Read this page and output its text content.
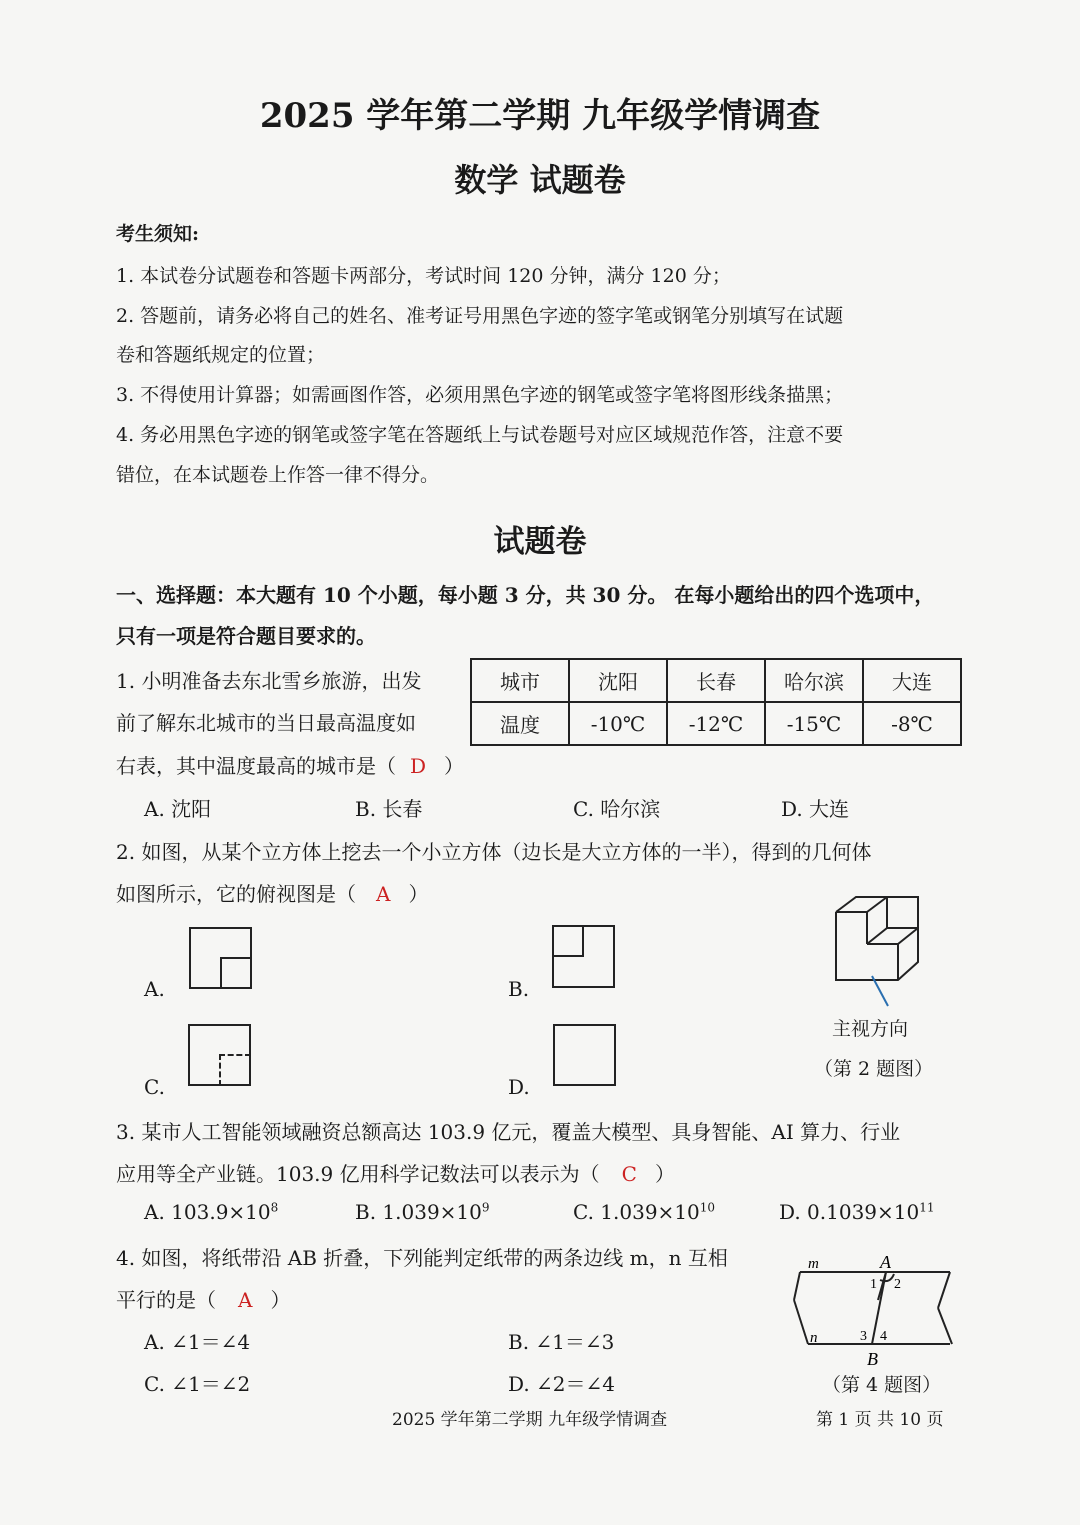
2025 学年第二学期 九年级学情调查
数学 试题卷
考生须知:
1. 本试卷分试题卷和答题卡两部分，考试时间 120 分钟，满分 120 分；
2. 答题前，请务必将自己的姓名、准考证号用黑色字迹的签字笔或钢笔分别填写在试题
卷和答题纸规定的位置；
3. 不得使用计算器；如需画图作答，必须用黑色字迹的钢笔或签字笔将图形线条描黑；
4. 务必用黑色字迹的钢笔或签字笔在答题纸上与试卷题号对应区域规范作答，注意不要
错位，在本试题卷上作答一律不得分。
试题卷
一、选择题：本大题有 10 个小题，每小题 3 分，共 30 分。 在每小题给出的四个选项中，
只有一项是符合题目要求的。
1. 小明准备去东北雪乡旅游，出发
前了解东北城市的当日最高温度如
右表，其中温度最高的城市是（ D ）
城市	沈阳	长春	哈尔滨	大连
温度	-10℃	-12℃	-15℃	-8℃
A. 沈阳	B. 长春	C. 哈尔滨	D. 大连
2. 如图，从某个立方体上挖去一个小立方体（边长是大立方体的一半），得到的几何体
如图所示，它的俯视图是（ A ）
A.	B.
C.	D.
主视方向
（第 2 题图）
3. 某市人工智能领域融资总额高达 103.9 亿元，覆盖大模型、具身智能、AI 算力、行业
应用等全产业链。103.9 亿用科学记数法可以表示为（ C ）
A. $103.9\times 10^8$	B. $1.039\times 10^9$	C. $1.039\times 10^{10}$	D. $0.1039\times 10^{11}$
4. 如图，将纸带沿 AB 折叠，下列能判定纸带的两条边线 m，n 互相
平行的是（ A ）
A. ∠1＝∠4	B. ∠1＝∠3
C. ∠1＝∠2	D. ∠2＝∠4
m	A
1 2
n	3 4
B
（第 4 题图）
2025 学年第二学期 九年级学情调查	第 1 页 共 10 页
